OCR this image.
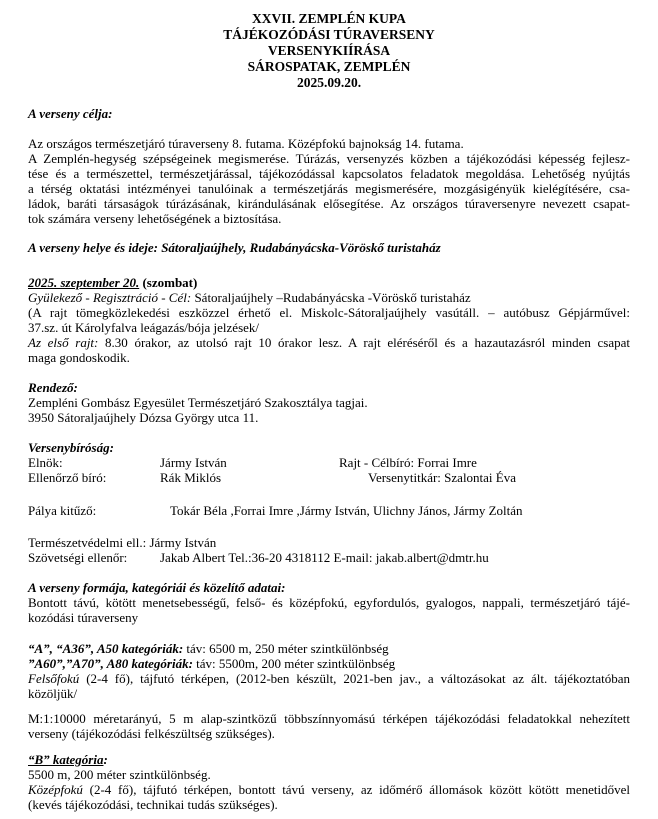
XXVII. ZEMPLÉN KUPA
TÁJÉKOZÓDÁSI TÚRAVERSENY
VERSENYKIÍRÁSA
SÁROSPATAK, ZEMPLÉN
2025.09.20.
A verseny célja:
Az országos természetjáró túraverseny 8. futama. Középfokú bajnokság 14. futama.
A Zemplén-hegység szépségeinek megismerése. Túrázás, versenyzés közben a tájékozódási képesség fejlesz-
tése és a természettel, természetjárással, tájékozódással kapcsolatos feladatok megoldása. Lehetőség nyújtás
a térség oktatási intézményei tanulóinak a természetjárás megismerésére, mozgásigényük kielégítésére, csa-
ládok, baráti társaságok túrázásának, kirándulásának elősegítése. Az országos túraversenyre nevezett csapat-
tok számára verseny lehetőségének a biztosítása.
A verseny helye és ideje: Sátoraljaújhely, Rudabányácska-Vöröskő turistaház
2025. szeptember 20. (szombat)
Gyülekező - Regisztráció - Cél: Sátoraljaújhely –Rudabányácska -Vöröskő turistaház
(A rajt tömegközlekedési eszközzel érhető el. Miskolc-Sátoraljaújhely vasútáll. – autóbusz Gépjárművel:
37.sz. út Károlyfalva leágazás/bója jelzések/
Az első rajt: 8.30 órakor, az utolsó rajt 10 órakor lesz. A rajt eléréséről és a hazautazásról minden csapat
maga gondoskodik.
Rendező:
Zempléni Gombász Egyesület Természetjáró Szakosztálya tagjai.
3950 Sátoraljaújhely Dózsa György utca 11.
Versenybíróság:
Elnök:	Jármy István	Rajt - Célbíró: Forrai Imre
Ellenőrző bíró:	Rák Miklós	Versenytitkár: Szalontai Éva
Pálya kitűző:	Tokár Béla ,Forrai Imre ,Jármy István, Ulichny János, Jármy Zoltán
Természetvédelmi ell.: Jármy István
Szövetségi ellenőr:	Jakab Albert Tel.:36-20 4318112 E-mail: jakab.albert@dmtr.hu
A verseny formája, kategóriái és közelítő adatai:
Bontott távú, kötött menetsebességű, felső- és középfokú, egyfordulós, gyalogos, nappali, természetjáró tájé-
kozódási túraverseny
“A”, “A36”, A50 kategóriák: táv: 6500 m, 250 méter szintkülönbség
”A60”,”A70”, A80 kategóriák: táv: 5500m, 200 méter szintkülönbség
Felsőfokú (2-4 fő), tájfutó térképen, (2012-ben készült, 2021-ben jav., a változásokat az ált. tájékoztatóban
közöljük/
M:1:10000 méretarányú, 5 m alap-szintközű többszínnyomású térképen tájékozódási feladatokkal nehezített
verseny (tájékozódási felkészültség szükséges).
“B” kategória:
5500 m, 200 méter szintkülönbség.
Középfokú (2-4 fő), tájfutó térképen, bontott távú verseny, az időmérő állomások között kötött menetidővel
(kevés tájékozódási, technikai tudás szükséges).
